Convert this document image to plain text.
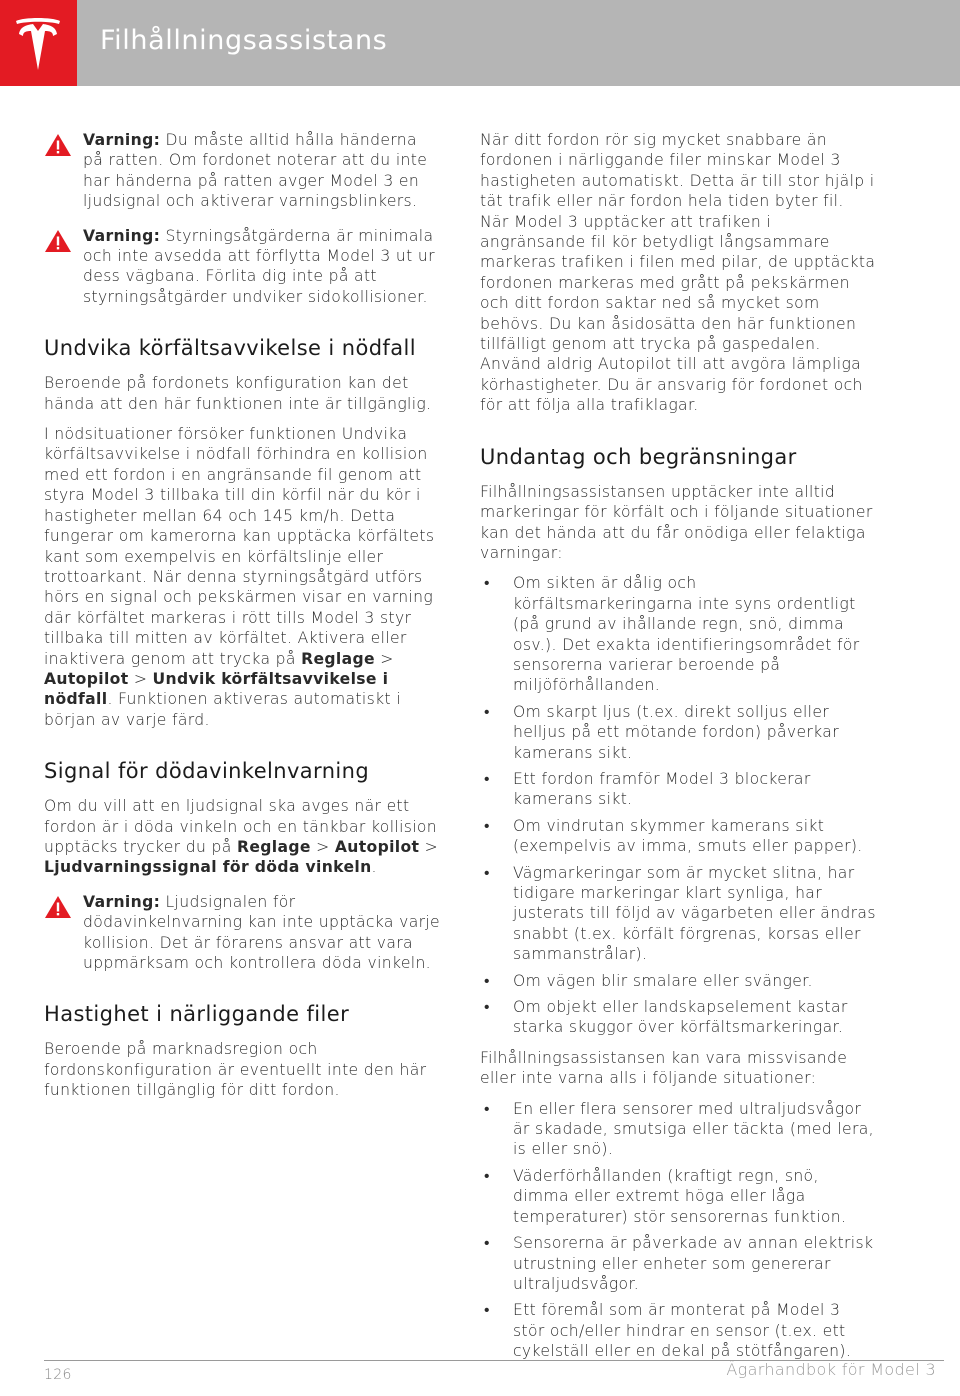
Filhållningsassistans
Varning: Du måste alltid hålla händerna på ratten. Om fordonet noterar att du inte har händerna på ratten avger Model 3 en ljudsignal och aktiverar varningsblinkers.
Varning: Styrningsåtgärderna är minimala och inte avsedda att förflytta Model 3 ut ur dess vägbana. Förlita dig inte på att styrningsåtgärder undviker sidokollisioner.
Undvika körfältsavvikelse i nödfall

Beroende på fordonets konfiguration kan det hända att den här funktionen inte är tillgänglig.

I nödsituationer försöker funktionen Undvika körfältsavvikelse i nödfall förhindra en kollision med ett fordon i en angränsande fil genom att styra Model 3 tillbaka till din körfil när du kör i hastigheter mellan 64 och 145 km/h. Detta fungerar om kamerorna kan upptäcka körfältets kant som exempelvis en körfältslinje eller trottoarkant. När denna styrningsåtgärd utförs hörs en signal och pekskärmen visar en varning där körfältet markeras i rött tills Model 3 styr tillbaka till mitten av körfältet. Aktivera eller inaktivera genom att trycka på Reglage > Autopilot > Undvik körfältsavvikelse i nödfall. Funktionen aktiveras automatiskt i början av varje färd.

Signal för dödavinkelnvarning

Om du vill att en ljudsignal ska avges när ett fordon är i döda vinkeln och en tänkbar kollision upptäcks trycker du på Reglage > Autopilot > Ljudvarningssignal för döda vinkeln.

Varning: Ljudsignalen för dödavinkelnvarning kan inte upptäcka varje kollision. Det är förarens ansvar att vara uppmärksam och kontrollera döda vinkeln.
Hastighet i närliggande filer

Beroende på marknadsregion och fordonskonfiguration är eventuellt inte den här funktionen tillgänglig för ditt fordon.

När ditt fordon rör sig mycket snabbare än fordonen i närliggande filer minskar Model 3 hastigheten automatiskt. Detta är till stor hjälp i tät trafik eller när fordon hela tiden byter fil. När Model 3 upptäcker att trafiken i angränsande fil kör betydligt långsammare markeras trafiken i filen med pilar, de upptäckta fordonen markeras med grått på pekskärmen och ditt fordon saktar ned så mycket som behövs. Du kan åsidosätta den här funktionen tillfälligt genom att trycka på gaspedalen. Använd aldrig Autopilot till att avgöra lämpliga körhastigheter. Du är ansvarig för fordonet och för att följa alla trafiklagar.

Undantag och begränsningar

Filhållningsassistansen upptäcker inte alltid markeringar för körfält och i följande situationer kan det hända att du får onödiga eller felaktiga varningar:

• Om sikten är dålig och körfältsmarkeringarna inte syns ordentligt (på grund av ihållande regn, snö, dimma osv.). Det exakta identifieringsområdet för sensorerna varierar beroende på miljöförhållanden.
• Om skarpt ljus (t.ex. direkt solljus eller helljus på ett mötande fordon) påverkar kamerans sikt.
• Ett fordon framför Model 3 blockerar kamerans sikt.
• Om vindrutan skymmer kamerans sikt (exempelvis av imma, smuts eller papper).
• Vägmarkeringar som är mycket slitna, har tidigare markeringar klart synliga, har justerats till följd av vägarbeten eller ändras snabbt (t.ex. körfält förgrenas, korsas eller sammanstrålar).
• Om vägen blir smalare eller svänger.
• Om objekt eller landskapselement kastar starka skuggor över körfältsmarkeringar.

Filhållningsassistansen kan vara missvisande eller inte varna alls i följande situationer:

• En eller flera sensorer med ultraljudsvågor är skadade, smutsiga eller täckta (med lera, is eller snö).
• Väderförhållanden (kraftigt regn, snö, dimma eller extremt höga eller låga temperaturer) stör sensorernas funktion.
• Sensorerna är påverkade av annan elektrisk utrustning eller enheter som genererar ultraljudsvågor.
• Ett föremål som är monterat på Model 3 stör och/eller hindrar en sensor (t.ex. ett cykelställ eller en dekal på stötfångaren).
126	Ägarhandbok för Model 3
